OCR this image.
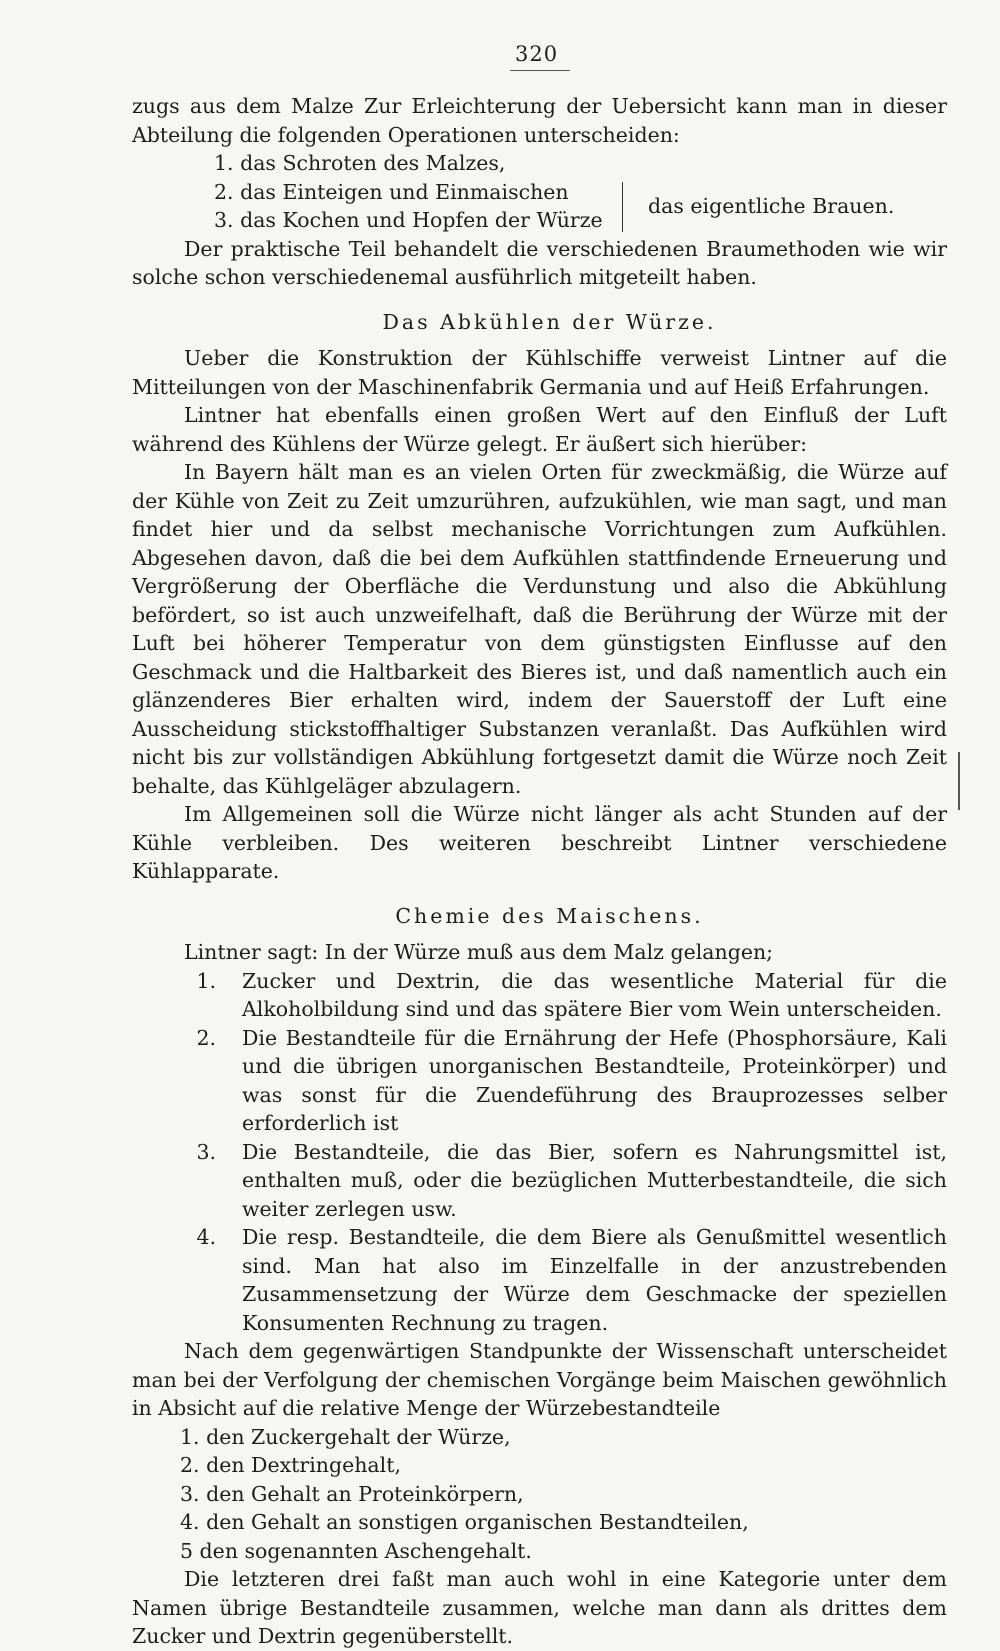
320

zugs aus dem Malze Zur Erleichterung der Uebersicht kann man in dieser Abteilung die folgenden Operationen unterscheiden:

1. das Schroten des Malzes,

2. das Einteigen und Einmaischen
3. das Kochen und Hopfen der Würze
das eigentliche Brauen.

Der praktische Teil behandelt die verschiedenen Braumethoden wie wir solche schon verschiedenemal ausführlich mitgeteilt haben.

Das Abkühlen der Würze.

Ueber die Konstruktion der Kühlschiffe verweist Lintner auf die Mitteilungen von der Maschinenfabrik Germania und auf Heiß Erfahrungen.

Lintner hat ebenfalls einen großen Wert auf den Einfluß der Luft während des Kühlens der Würze gelegt. Er äußert sich hierüber:

In Bayern hält man es an vielen Orten für zweckmäßig, die Würze auf der Kühle von Zeit zu Zeit umzurühren, aufzukühlen, wie man sagt, und man findet hier und da selbst mechanische Vorrichtungen zum Aufkühlen. Abgesehen davon, daß die bei dem Aufkühlen stattfindende Erneuerung und Vergrößerung der Oberfläche die Verdunstung und also die Abkühlung befördert, so ist auch unzweifelhaft, daß die Berührung der Würze mit der Luft bei höherer Temperatur von dem günstigsten Einflusse auf den Geschmack und die Haltbarkeit des Bieres ist, und daß namentlich auch ein glänzenderes Bier erhalten wird, indem der Sauerstoff der Luft eine Ausscheidung stickstoffhaltiger Substanzen veranlaßt. Das Aufkühlen wird nicht bis zur vollständigen Abkühlung fortgesetzt damit die Würze noch Zeit behalte, das Kühlgeläger abzulagern.

Im Allgemeinen soll die Würze nicht länger als acht Stunden auf der Kühle verbleiben. Des weiteren beschreibt Lintner verschiedene Kühlapparate.

Chemie des Maischens.

Lintner sagt: In der Würze muß aus dem Malz gelangen;

1.	Zucker und Dextrin, die das wesentliche Material für die Alkoholbildung sind und das spätere Bier vom Wein unterscheiden.
2.	Die Bestandteile für die Ernährung der Hefe (Phosphorsäure, Kali und die übrigen unorganischen Bestandteile, Proteinkörper) und was sonst für die Zuendeführung des Brauprozesses selber erforderlich ist
3.	Die Bestandteile, die das Bier, sofern es Nahrungsmittel ist, enthalten muß, oder die bezüglichen Mutterbestandteile, die sich weiter zerlegen usw.
4.	Die resp. Bestandteile, die dem Biere als Genußmittel wesentlich sind. Man hat also im Einzelfalle in der anzustrebenden Zusammensetzung der Würze dem Geschmacke der speziellen Konsumenten Rechnung zu tragen.

Nach dem gegenwärtigen Standpunkte der Wissenschaft unterscheidet man bei der Verfolgung der chemischen Vorgänge beim Maischen gewöhnlich in Absicht auf die relative Menge der Würzebestandteile

1. den Zuckergehalt der Würze,
2. den Dextringehalt,
3. den Gehalt an Proteinkörpern,
4. den Gehalt an sonstigen organischen Bestandteilen,
5 den sogenannten Aschengehalt.

Die letzteren drei faßt man auch wohl in eine Kategorie unter dem Namen übrige Bestandteile zusammen, welche man dann als drittes dem Zucker und Dextrin gegenüberstellt.
